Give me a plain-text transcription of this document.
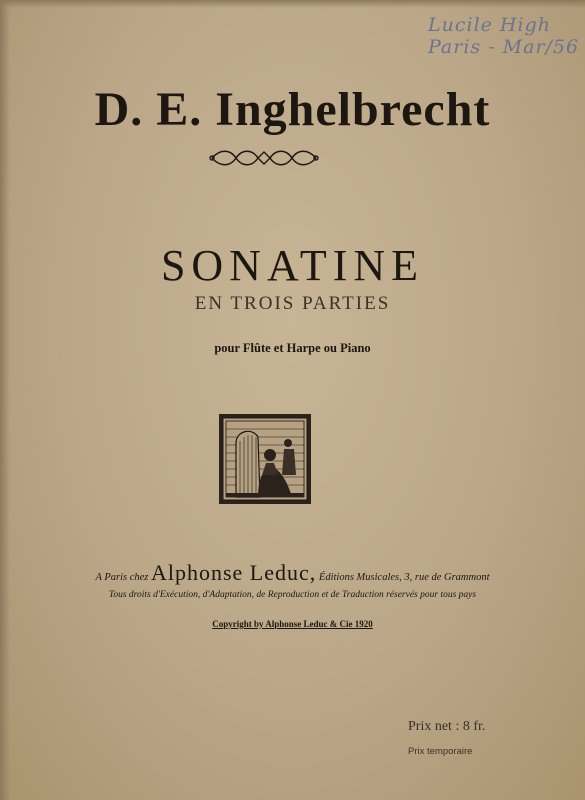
Lucile High
Paris - Mar/56
D. E. Inghelbrecht
SONATINE
EN TROIS PARTIES
pour Flûte et Harpe ou Piano
A Paris chez Alphonse Leduc, Éditions Musicales, 3, rue de Grammont
Tous droits d'Exécution, d'Adaptation, de Reproduction et de Traduction réservés pour tous pays
Copyright by Alphonse Leduc & Cie 1920
Prix net : 8 fr.
Prix temporaire
